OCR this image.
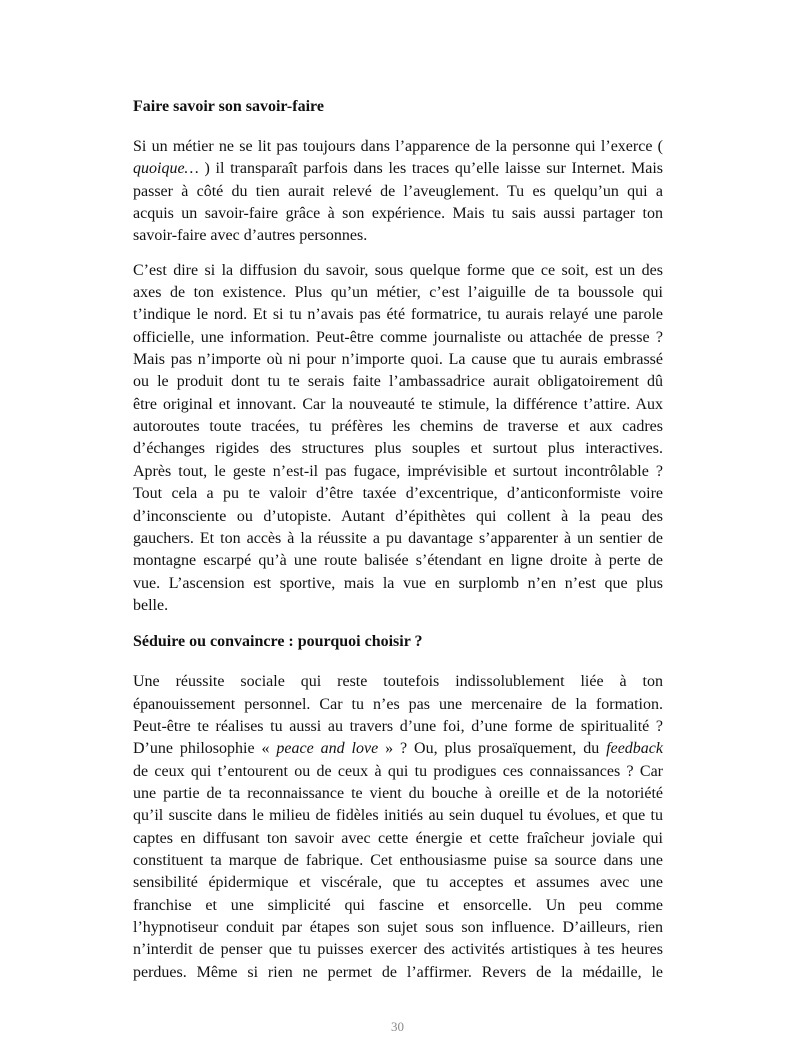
Faire savoir son savoir-faire
Si un métier ne se lit pas toujours dans l’apparence de la personne qui l’exerce (
quoique… ) il transparaît parfois dans les traces qu’elle laisse sur Internet. Mais
passer à côté du tien aurait relevé de l’aveuglement. Tu es quelqu’un qui a
acquis un savoir-faire grâce à son expérience. Mais tu sais aussi partager ton
savoir-faire avec d’autres personnes.
C’est dire si la diffusion du savoir, sous quelque forme que ce soit, est un des
axes de ton existence. Plus qu’un métier, c’est l’aiguille de ta boussole qui
t’indique le nord. Et si tu n’avais pas été formatrice, tu aurais relayé une parole
officielle, une information. Peut-être comme journaliste ou attachée de presse ?
Mais pas n’importe où ni pour n’importe quoi. La cause que tu aurais embrassé
ou le produit dont tu te serais faite l’ambassadrice aurait obligatoirement dû
être original et innovant. Car la nouveauté te stimule, la différence t’attire. Aux
autoroutes toute tracées, tu préfères les chemins de traverse et aux cadres
d’échanges rigides des structures plus souples et surtout plus interactives.
Après tout, le geste n’est-il pas fugace, imprévisible et surtout incontrôlable ?
Tout cela a pu te valoir d’être taxée d’excentrique, d’anticonformiste voire
d’inconsciente ou d’utopiste. Autant d’épithètes qui collent à la peau des
gauchers. Et ton accès à la réussite a pu davantage s’apparenter à un sentier de
montagne escarpé qu’à une route balisée s’étendant en ligne droite à perte de
vue. L’ascension est sportive, mais la vue en surplomb n’en n’est que plus
belle.
Séduire ou convaincre : pourquoi choisir ?
Une réussite sociale qui reste toutefois indissolublement liée à ton
épanouissement personnel. Car tu n’es pas une mercenaire de la formation.
Peut-être te réalises tu aussi au travers d’une foi, d’une forme de spiritualité ?
D’une philosophie « peace and love » ? Ou, plus prosaïquement, du feedback
de ceux qui t’entourent ou de ceux à qui tu prodigues ces connaissances ? Car
une partie de ta reconnaissance te vient du bouche à oreille et de la notoriété
qu’il suscite dans le milieu de fidèles initiés au sein duquel tu évolues, et que tu
captes en diffusant ton savoir avec cette énergie et cette fraîcheur joviale qui
constituent ta marque de fabrique. Cet enthousiasme puise sa source dans une
sensibilité épidermique et viscérale, que tu acceptes et assumes avec une
franchise et une simplicité qui fascine et ensorcelle. Un peu comme
l’hypnotiseur conduit par étapes son sujet sous son influence. D’ailleurs, rien
n’interdit de penser que tu puisses exercer des activités artistiques à tes heures
perdues. Même si rien ne permet de l’affirmer. Revers de la médaille, le
30
